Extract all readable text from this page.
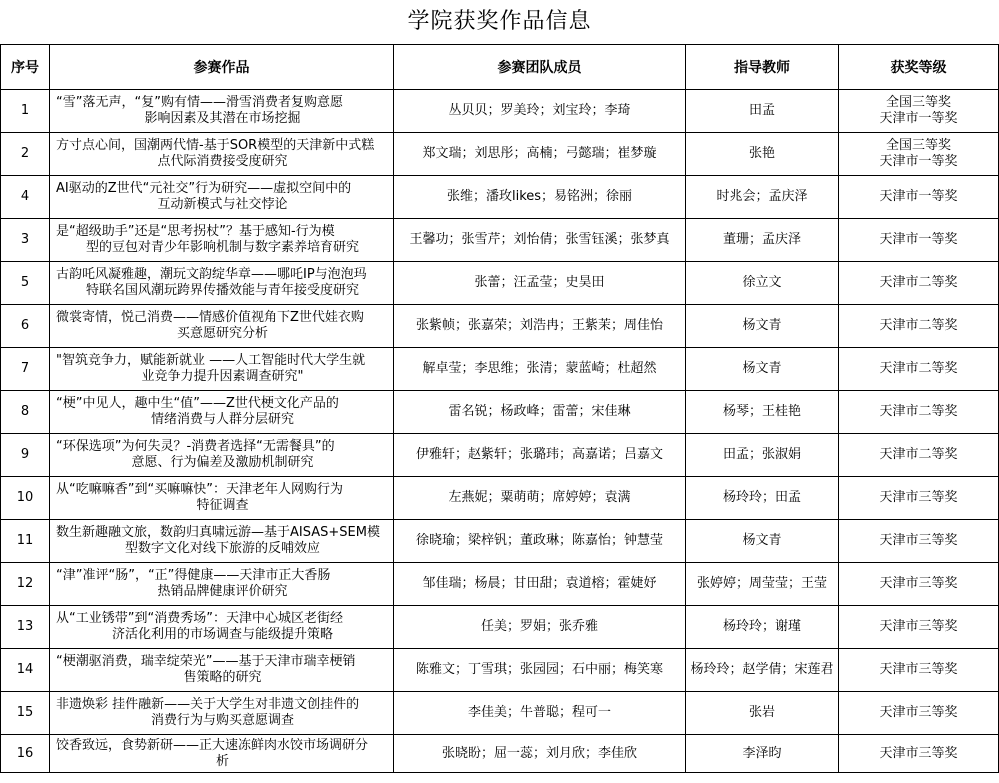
学院获奖作品信息
序号	参赛作品	参赛团队成员	指导教师	获奖等级
1	“雪”落无声，“复”购有情——滑雪消费者复购意愿
影响因素及其潜在市场挖掘	丛贝贝；罗美玲；刘宝玲；李琦	田孟	全国三等奖
天津市一等奖

2	方寸点心间，国潮两代情-基于SOR模型的天津新中式糕
点代际消费接受度研究	郑文瑞；刘思彤；高楠；弓懿瑞；崔梦璇	张艳	全国三等奖
天津市一等奖

4	AI驱动的Z世代“元社交”行为研究——虚拟空间中的
互动新模式与社交悖论	张维；潘玫likes；易铭洲；徐丽	时兆会；孟庆泽	天津市一等奖

3	是“超级助手”还是“思考拐杖”？基于感知-行为模
型的豆包对青少年影响机制与数字素养培育研究	王馨功；张雪芹；刘怡倩；张雪钰溪；张梦真	董珊；孟庆泽	天津市一等奖

5	古韵吒风凝雅趣，潮玩文韵绽华章——哪吒IP与泡泡玛
特联名国风潮玩跨界传播效能与青年接受度研究	张蕾；汪孟莹；史昊田	徐立文	天津市二等奖

6	微裳寄情，悦己消费——情感价值视角下Z世代娃衣购
买意愿研究分析	张紫帧；张嘉荣；刘浩冉；王紫茉；周佳怡	杨文青	天津市二等奖

7	"智筑竞争力，赋能新就业 ——人工智能时代大学生就
业竞争力提升因素调查研究"	解卓莹；李思维；张清；蒙蓝崎；杜超然	杨文青	天津市二等奖

8	“梗”中见人，趣中生“值”——Z世代梗文化产品的
情绪消费与人群分层研究	雷名锐；杨政峰；雷蕾；宋佳琳	杨琴；王桂艳	天津市二等奖

9	“环保选项”为何失灵？-消费者选择“无需餐具”的
意愿、行为偏差及激励机制研究	伊雅轩；赵紫轩；张璐玮；高嘉诺；吕嘉文	田孟；张淑娟	天津市二等奖

10	从“吃嘛嘛香”到“买嘛嘛快”：天津老年人网购行为
特征调查	左燕妮；粟萌萌；席婷婷；袁满	杨玲玲；田孟	天津市三等奖

11	数生新趣融文旅，数韵归真啸远游—基于AISAS+SEM模
型数字文化对线下旅游的反哺效应	徐晓瑜；梁梓钒；董政琳；陈嘉怡；钟慧莹	杨文青	天津市三等奖

12	“津”准评“肠”，“正”得健康——天津市正大香肠
热销品牌健康评价研究	邹佳瑞；杨晨；甘田甜；袁道榕；霍婕妤	张婷婷；周莹莹；王莹	天津市三等奖

13	从“工业锈带”到“消费秀场”：天津中心城区老街经
济活化利用的市场调查与能级提升策略	任美；罗娟；张乔雅	杨玲玲；谢瑾	天津市三等奖

14	“梗潮驱消费，瑞幸绽荣光”——基于天津市瑞幸梗销
售策略的研究	陈雅文；丁雪琪；张园园；石中丽；梅笑寒	杨玲玲；赵学倩；宋莲君	天津市三等奖

15	非遗焕彩 挂件融新——关于大学生对非遗文创挂件的
消费行为与购买意愿调查	李佳美；牛普聪；程可一	张岩	天津市三等奖

16	饺香致远，食势新研——正大速冻鲜肉水饺市场调研分
析	张晓盼；屈一蕊；刘月欣；李佳欣	李泽昀	天津市三等奖
